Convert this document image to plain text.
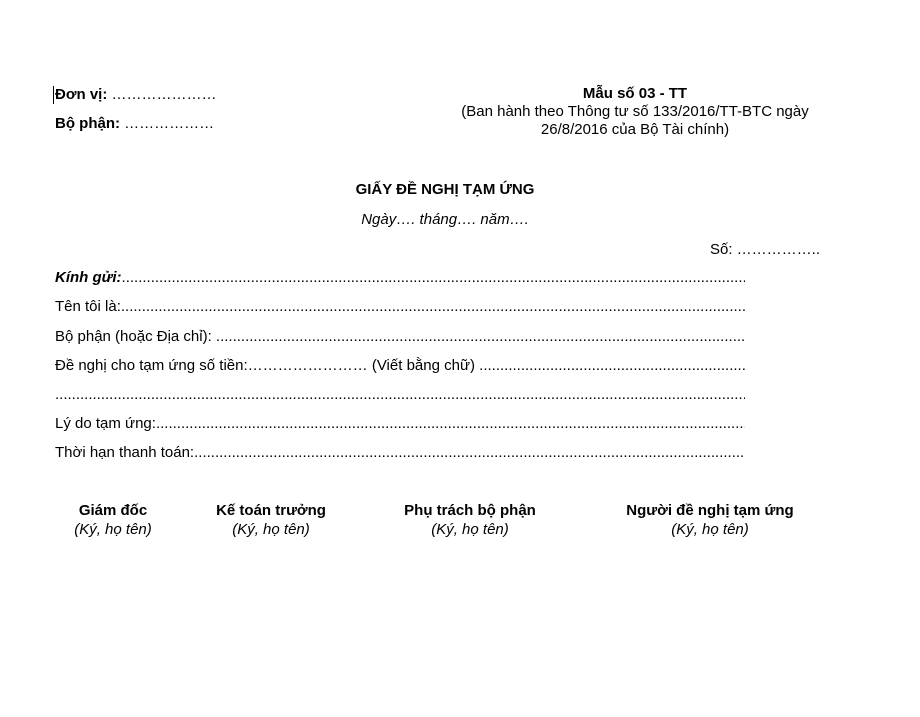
Đơn vị: …………………
Bộ phận: ………………
Mẫu số 03 - TT
(Ban hành theo Thông tư số 133/2016/TT-BTC ngày
26/8/2016 của Bộ Tài chính)
GIẤY ĐỀ NGHỊ TẠM ỨNG
Ngày…. tháng…. năm….
Số: ……………..
Kính gửi: .....
Tên tôi là: .....
Bộ phận (hoặc Địa chỉ): .....
Đề nghị cho tạm ứng số tiền:…………………… (Viết bằng chữ) .....
.....
Lý do tạm ứng: .....
Thời hạn thanh toán: .....
Giám đốc
(Ký, họ tên)
Kế toán trưởng
(Ký, họ tên)
Phụ trách bộ phận
(Ký, họ tên)
Người đề nghị tạm ứng
(Ký, họ tên)
